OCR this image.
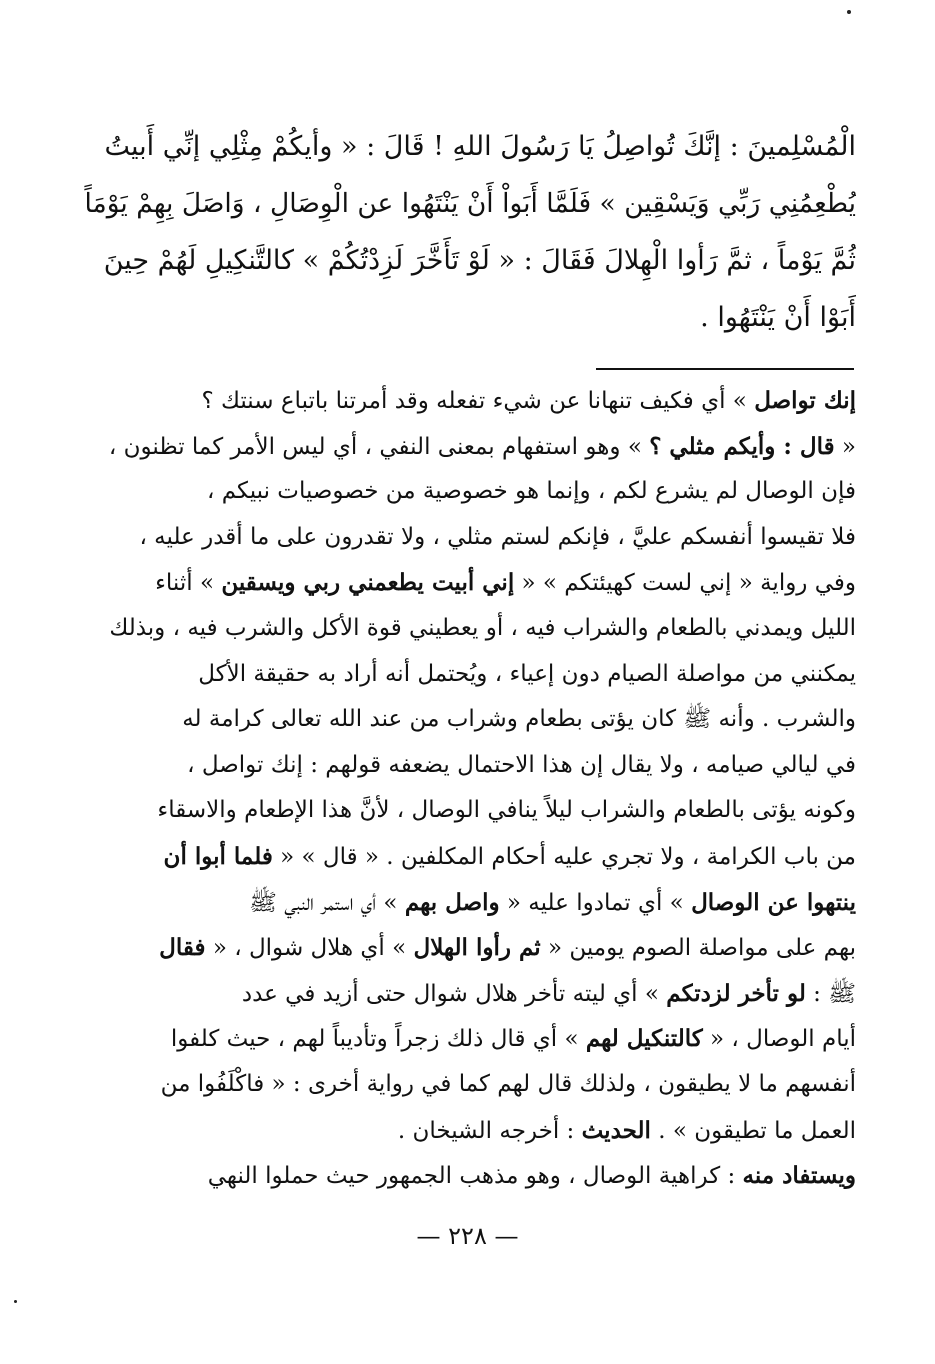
الْمُسْلِمينَ : إنَّكَ تُواصِلُ يَا رَسُولَ اللهِ ! قَالَ : « وأيكُمْ مِثْلِي إنِّي أَبيتُ
يُطْعِمُنِي رَبِّي وَيَسْقِين » فَلَمَّا أَبَواْ أَنْ يَنْتَهُوا عن الْوِصَالِ ، وَاصَلَ بِهِمْ يَوْمَاً
ثُمَّ يَوْماً ، ثمَّ رَأوا الْهِلالَ فَقَالَ : « لَوْ تَأَخَّرَ لَزِدْتُكُمْ » كالتَّنكِيلِ لَهُمْ حِينَ
أَبَوْا أَنْ يَنْتَهُوا .
إنك تواصل » أي فكيف تنهانا عن شيء تفعله وقد أمرتنا باتباع سنتك ؟
« قال : وأيكم مثلي ؟ » وهو استفهام بمعنى النفي ، أي ليس الأمر كما تظنون ،
فإن الوصال لم يشرع لكم ، وإنما هو خصوصية من خصوصيات نبيكم ،
فلا تقيسوا أنفسكم عليَّ ، فإنكم لستم مثلي ، ولا تقدرون على ما أقدر عليه ،
وفي رواية « إني لست كهيئتكم » « إني أبيت يطعمني ربي ويسقين » أثناء
الليل ويمدني بالطعام والشراب فيه ، أو يعطيني قوة الأكل والشرب فيه ، وبذلك
يمكنني من مواصلة الصيام دون إعياء ، ويُحتمل أنه أراد به حقيقة الأكل
والشرب . وأنه ﷺ كان يؤتى بطعام وشراب من عند الله تعالى كرامة له
في ليالي صيامه ، ولا يقال إن هذا الاحتمال يضعفه قولهم : إنك تواصل ،
وكونه يؤتى بالطعام والشراب ليلاً ينافي الوصال ، لأنَّ هذا الإطعام والاسقاء
من باب الكرامة ، ولا تجري عليه أحكام المكلفين . « قال » « فلما أبوا أن
ينتهوا عن الوصال » أي تمادوا عليه « واصل بهم » أي استمر النبي ﷺ
بهم على مواصلة الصوم يومين « ثم رأوا الهلال » أي هلال شوال ، « فقال
ﷺ : لو تأخر لزدتكم » أي ليته تأخر هلال شوال حتى أزيد في عدد
أيام الوصال ، « كالتنكيل لهم » أي قال ذلك زجراً وتأديباً لهم ، حيث كلفوا
أنفسهم ما لا يطيقون ، ولذلك قال لهم كما في رواية أخرى : « فاكْلَفُوا من
العمل ما تطيقون » . الحديث : أخرجه الشيخان .
ويستفاد منه : كراهية الوصال ، وهو مذهب الجمهور حيث حملوا النهي
— ٢٢٨ —
